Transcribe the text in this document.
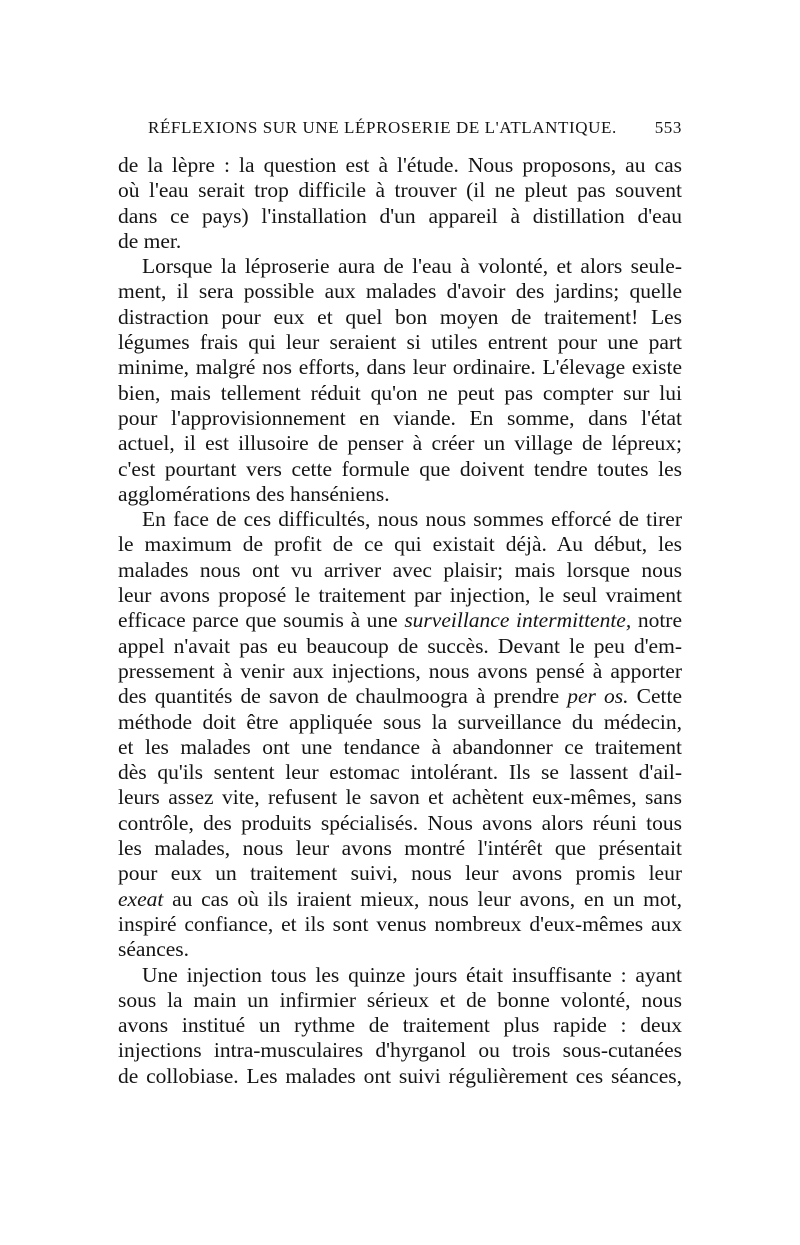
RÉFLEXIONS SUR UNE LÉPROSERIE DE L'ATLANTIQUE. 553
de la lèpre : la question est à l'étude. Nous proposons, au cas
où l'eau serait trop difficile à trouver (il ne pleut pas souvent
dans ce pays) l'installation d'un appareil à distillation d'eau
de mer.
Lorsque la léproserie aura de l'eau à volonté, et alors seule-
ment, il sera possible aux malades d'avoir des jardins; quelle
distraction pour eux et quel bon moyen de traitement! Les
légumes frais qui leur seraient si utiles entrent pour une part
minime, malgré nos efforts, dans leur ordinaire. L'élevage existe
bien, mais tellement réduit qu'on ne peut pas compter sur lui
pour l'approvisionnement en viande. En somme, dans l'état
actuel, il est illusoire de penser à créer un village de lépreux;
c'est pourtant vers cette formule que doivent tendre toutes les
agglomérations des hanséniens.
En face de ces difficultés, nous nous sommes efforcé de tirer
le maximum de profit de ce qui existait déjà. Au début, les
malades nous ont vu arriver avec plaisir; mais lorsque nous
leur avons proposé le traitement par injection, le seul vraiment
efficace parce que soumis à une surveillance intermittente, notre
appel n'avait pas eu beaucoup de succès. Devant le peu d'em-
pressement à venir aux injections, nous avons pensé à apporter
des quantités de savon de chaulmoogra à prendre per os. Cette
méthode doit être appliquée sous la surveillance du médecin,
et les malades ont une tendance à abandonner ce traitement
dès qu'ils sentent leur estomac intolérant. Ils se lassent d'ail-
leurs assez vite, refusent le savon et achètent eux-mêmes, sans
contrôle, des produits spécialisés. Nous avons alors réuni tous
les malades, nous leur avons montré l'intérêt que présentait
pour eux un traitement suivi, nous leur avons promis leur
exeat au cas où ils iraient mieux, nous leur avons, en un mot,
inspiré confiance, et ils sont venus nombreux d'eux-mêmes aux
séances.
Une injection tous les quinze jours était insuffisante : ayant
sous la main un infirmier sérieux et de bonne volonté, nous
avons institué un rythme de traitement plus rapide : deux
injections intra-musculaires d'hyrganol ou trois sous-cutanées
de collobiase. Les malades ont suivi régulièrement ces séances,
